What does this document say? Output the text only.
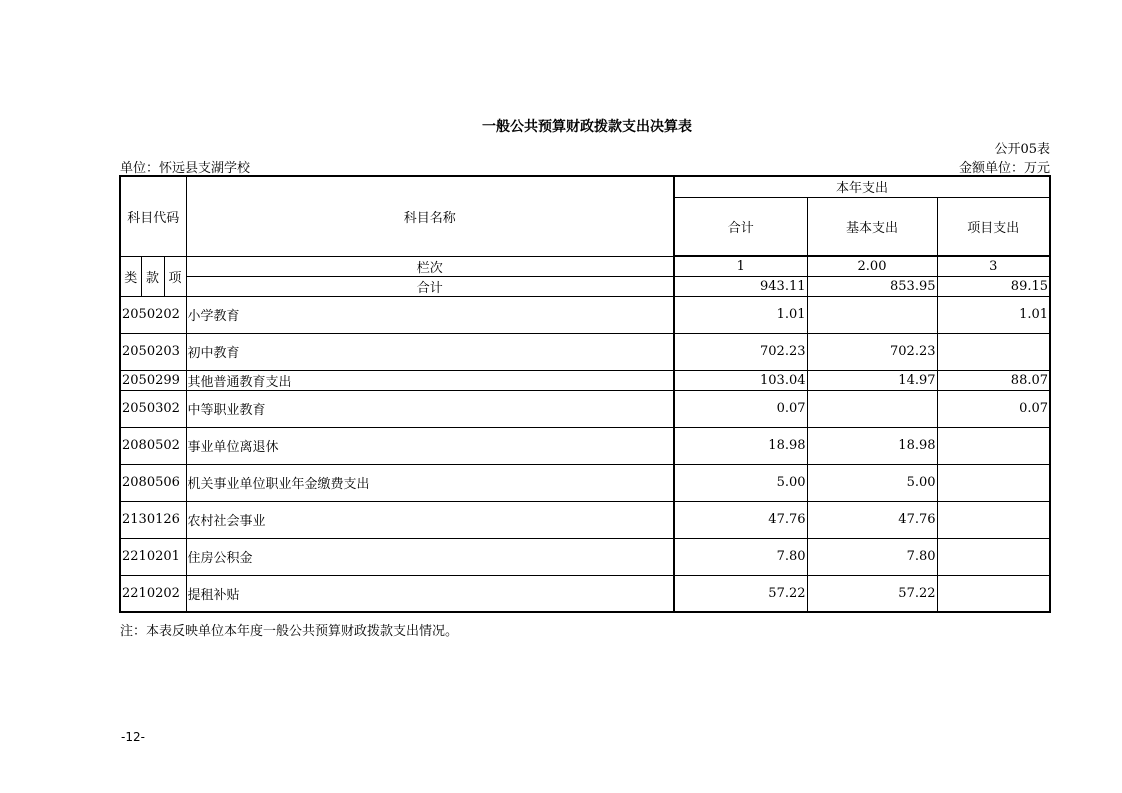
一般公共预算财政拨款支出决算表
公开05表
单位：怀远县支湖学校	金额单位：万元
科目代码			科目名称	本年支出		
				合计	基本支出	项目支出

类	款	项	栏次	1	2.00	3
			合计	943.11	853.95	89.15
2050202			小学教育	1.01		1.01
2050203			初中教育	702.23	702.23	
2050299			其他普通教育支出	103.04	14.97	88.07
2050302			中等职业教育	0.07		0.07
2080502			事业单位离退休	18.98	18.98	
2080506			机关事业单位职业年金缴费支出	5.00	5.00	
2130126			农村社会事业	47.76	47.76	
2210201			住房公积金	7.80	7.80	
2210202			提租补贴	57.22	57.22	
注：本表反映单位本年度一般公共预算财政拨款支出情况。
-12-
